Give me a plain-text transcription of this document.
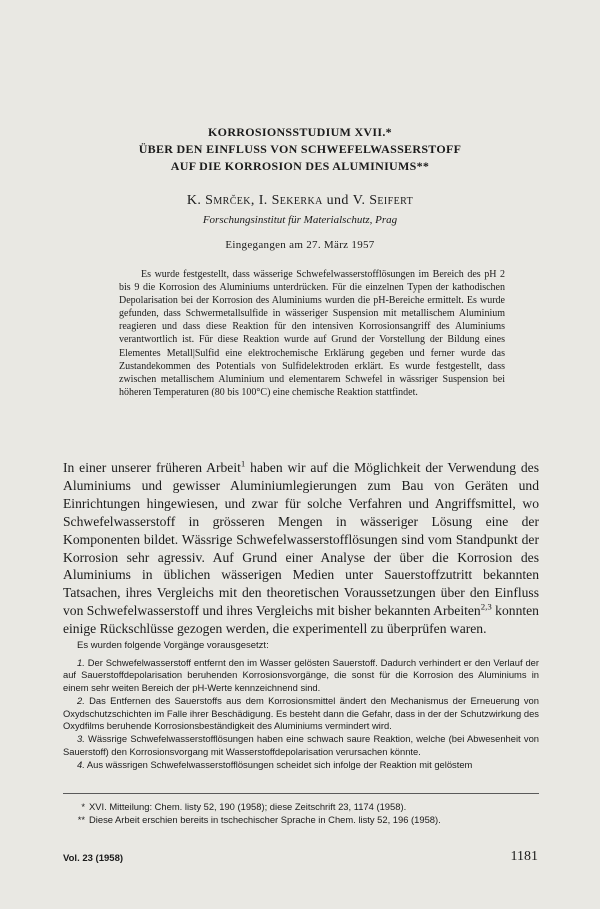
KORROSIONSSTUDIUM XVII.*
ÜBER DEN EINFLUSS VON SCHWEFELWASSERSTOFF
AUF DIE KORROSION DES ALUMINIUMS**
K. Smrček, I. Sekerka und V. Seifert
Forschungsinstitut für Materialschutz, Prag
Eingegangen am 27. März 1957
Es wurde festgestellt, dass wässerige Schwefelwasserstofflösungen im Bereich des pH 2 bis 9 die Korrosion des Aluminiums unterdrücken. Für die einzelnen Typen der kathodischen Depolarisation bei der Korrosion des Aluminiums wurden die pH-Bereiche ermittelt. Es wurde gefunden, dass Schwermetallsulfide in wässeriger Suspension mit metallischem Aluminium reagieren und dass diese Reaktion für den intensiven Korrosionsangriff des Aluminiums verantwortlich ist. Für diese Reaktion wurde auf Grund der Vorstellung der Bildung eines Elementes Metall|Sulfid eine elektrochemische Erklärung gegeben und ferner wurde das Zustandekommen des Potentials von Sulfidelektroden erklärt. Es wurde festgestellt, dass zwischen metallischem Aluminium und elementarem Schwefel in wässriger Suspension bei höheren Temperaturen (80 bis 100°C) eine chemische Reaktion stattfindet.
In einer unserer früheren Arbeit$^1$ haben wir auf die Möglichkeit der Verwendung des Aluminiums und gewisser Aluminiumlegierungen zum Bau von Geräten und Einrichtungen hingewiesen, und zwar für solche Verfahren und Angriffsmittel, wo Schwefelwasserstoff in grösseren Mengen in wässeriger Lösung eine der Komponenten bildet. Wässrige Schwefelwasserstofflösungen sind vom Standpunkt der Korrosion sehr agressiv. Auf Grund einer Analyse der über die Korrosion des Aluminiums in üblichen wässerigen Medien unter Sauerstoffzutritt bekannten Tatsachen, ihres Vergleichs mit den theoretischen Voraussetzungen über den Einfluss von Schwefelwasserstoff und ihres Vergleichs mit bisher bekannten Arbeiten$^{2,3}$ konnten einige Rückschlüsse gezogen werden, die experimentell zu überprüfen waren.
Es wurden folgende Vorgänge vorausgesetzt:

1. Der Schwefelwasserstoff entfernt den im Wasser gelösten Sauerstoff. Dadurch verhindert er den Verlauf der auf Sauerstoffdepolarisation beruhenden Korrosionsvorgänge, die sonst für die Korrosion des Aluminiums in einem sehr weiten Bereich der pH-Werte kennzeichnend sind.

2. Das Entfernen des Sauerstoffs aus dem Korrosionsmittel ändert den Mechanismus der Erneuerung von Oxydschutzschichten im Falle ihrer Beschädigung. Es besteht dann die Gefahr, dass in der der Schutzwirkung des Oxydfilms beruhende Korrosionsbeständigkeit des Aluminiums vermindert wird.

3. Wässrige Schwefelwasserstofflösungen haben eine schwach saure Reaktion, welche (bei Abwesenheit von Sauerstoff) den Korrosionsvorgang mit Wasserstoffdepolarisation verursachen könnte.

4. Aus wässrigen Schwefelwasserstofflösungen scheidet sich infolge der Reaktion mit gelöstem

* XVI. Mitteilung: Chem. listy 52, 190 (1958); diese Zeitschrift 23, 1174 (1958).
** Diese Arbeit erschien bereits in tschechischer Sprache in Chem. listy 52, 196 (1958).
Vol. 23 (1958)	1181
